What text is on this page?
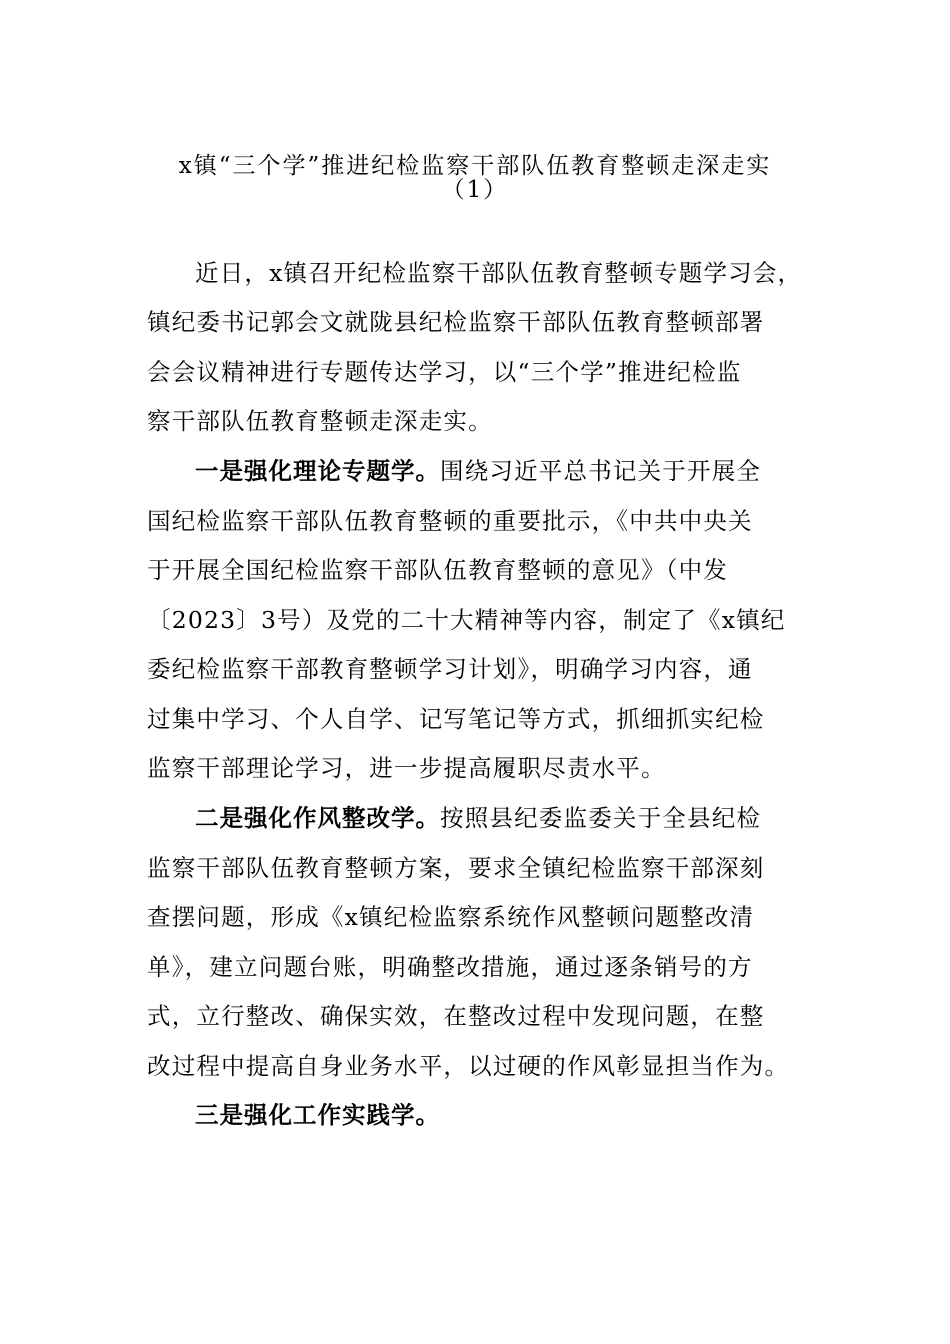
x镇“三个学”推进纪检监察干部队伍教育整顿走深走实
（1）
近日，x镇召开纪检监察干部队伍教育整顿专题学习会，
镇纪委书记郭会文就陇县纪检监察干部队伍教育整顿部署
会会议精神进行专题传达学习，以“三个学”推进纪检监
察干部队伍教育整顿走深走实。
一是强化理论专题学。围绕习近平总书记关于开展全
国纪检监察干部队伍教育整顿的重要批示，《中共中央关
于开展全国纪检监察干部队伍教育整顿的意见》（中发
〔2023〕3号）及党的二十大精神等内容，制定了《x镇纪
委纪检监察干部教育整顿学习计划》，明确学习内容，通
过集中学习、个人自学、记写笔记等方式，抓细抓实纪检
监察干部理论学习，进一步提高履职尽责水平。
二是强化作风整改学。按照县纪委监委关于全县纪检
监察干部队伍教育整顿方案，要求全镇纪检监察干部深刻
查摆问题，形成《x镇纪检监察系统作风整顿问题整改清
单》，建立问题台账，明确整改措施，通过逐条销号的方
式，立行整改、确保实效，在整改过程中发现问题，在整
改过程中提高自身业务水平，以过硬的作风彰显担当作为。
三是强化工作实践学。
